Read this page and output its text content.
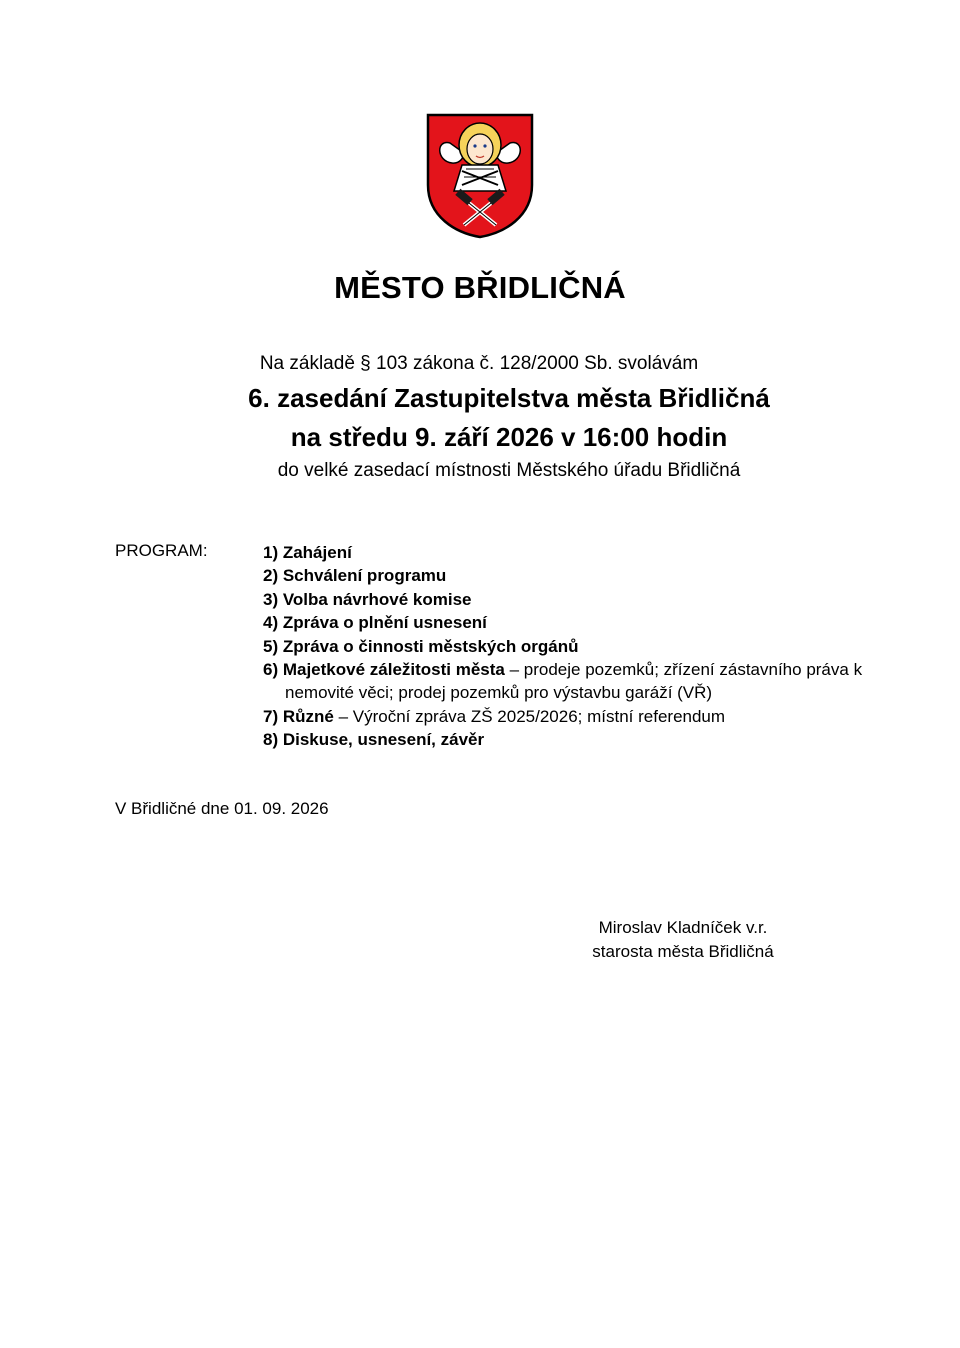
MĚSTO BŘIDLIČNÁ
Na základě § 103 zákona č. 128/2000 Sb. svolávám
6. zasedání Zastupitelstva města Břidličná
na středu 9. září 2026 v 16:00 hodin
do velké zasedací místnosti Městského úřadu Břidličná
PROGRAM:	1) Zahájení
2) Schválení programu
3) Volba návrhové komise
4) Zpráva o plnění usnesení
5) Zpráva o činnosti městských orgánů
6) Majetkové záležitosti města – prodeje pozemků; zřízení zástavního práva k
nemovité věci; prodej pozemků pro výstavbu garáží (VŘ)
7) Různé – Výroční zpráva ZŠ 2025/2026; místní referendum
8) Diskuse, usnesení, závěr
V Břidličné dne 01. 09. 2026
Miroslav Kladníček v.r.
starosta města Břidličná
